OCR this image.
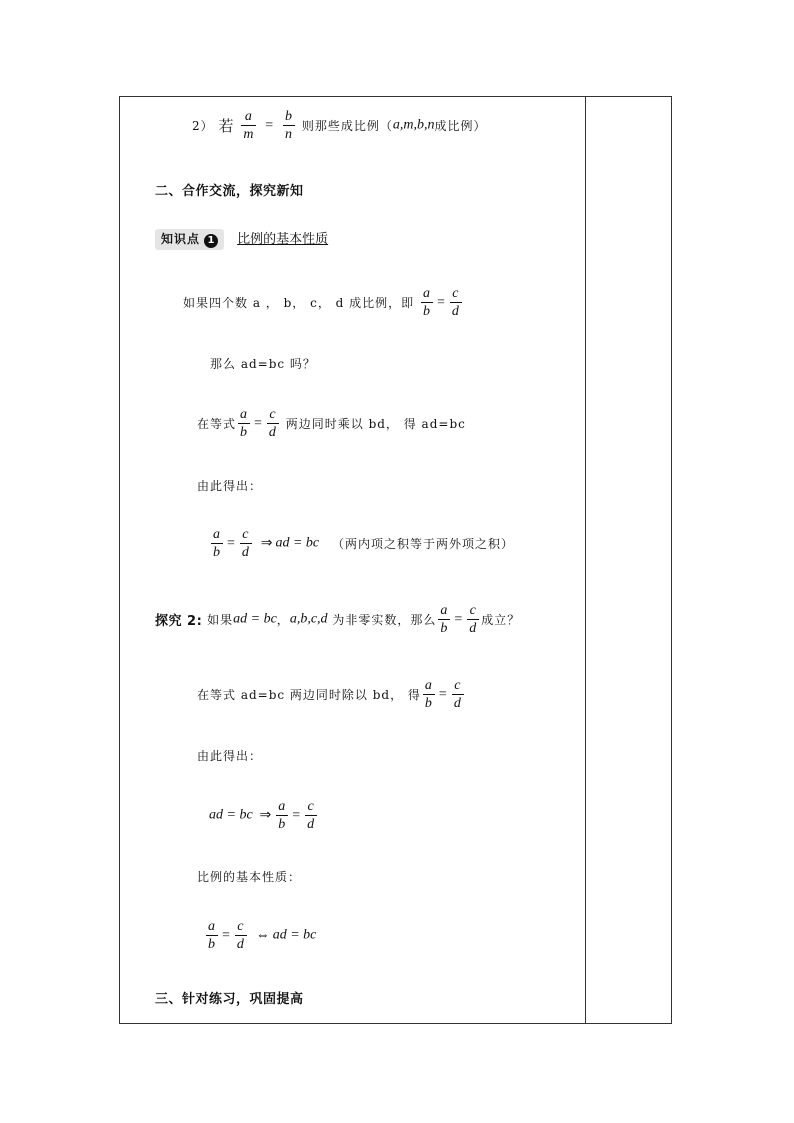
2） 若 $\frac{a}{m} = \frac{b}{n}$ 则那些成比例（a,m,b,n成比例）
二、合作交流，探究新知
知识点 1 比例的基本性质
如果四个数 a ， b， c， d 成比例，即 $\frac{a}{b} = \frac{c}{d}$
那么 ad=bc 吗？
在等式 $\frac{a}{b} = \frac{c}{d}$ 两边同时乘以 bd， 得 ad=bc
由此得出：
$\frac{a}{b} = \frac{c}{d}$ ⇒ ad = bc （两内项之积等于两外项之积）
探究 2: 如果ad = bc，a,b,c,d 为非零实数，那么 $\frac{a}{b} = \frac{c}{d}$ 成立？
在等式 ad=bc 两边同时除以 bd， 得 $\frac{a}{b} = \frac{c}{d}$
由此得出：
ad = bc ⇒ $\frac{a}{b} = \frac{c}{d}$
比例的基本性质：
$\frac{a}{b} = \frac{c}{d}$ ⇔ ad = bc
三、针对练习，巩固提高
